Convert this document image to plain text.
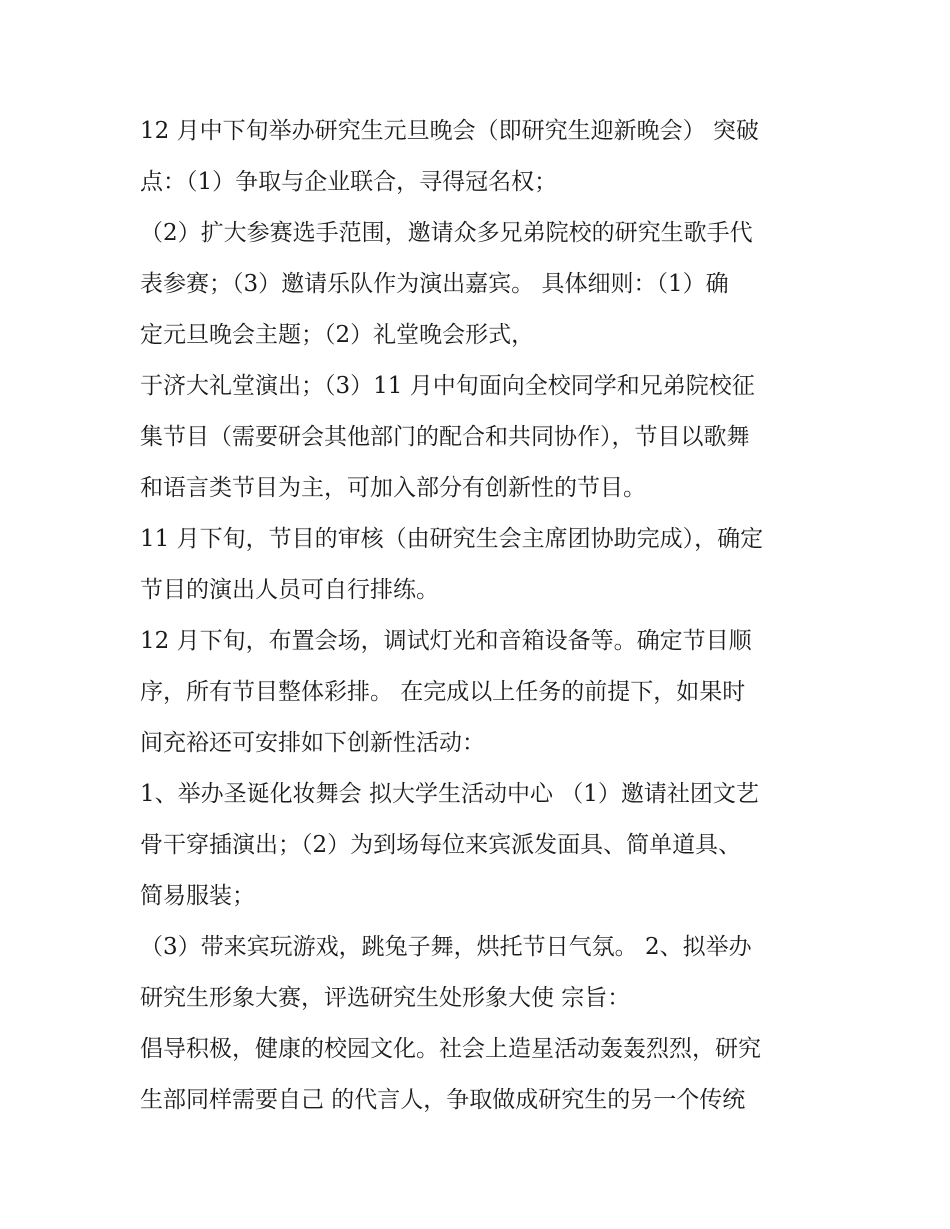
12 月中下旬举办研究生元旦晚会（即研究生迎新晚会） 突破
点：（1）争取与企业联合，寻得冠名权；
（2）扩大参赛选手范围，邀请众多兄弟院校的研究生歌手代
表参赛；（3）邀请乐队作为演出嘉宾。 具体细则：（1）确
定元旦晚会主题；（2）礼堂晚会形式，
于济大礼堂演出；（3）11 月中旬面向全校同学和兄弟院校征
集节目（需要研会其他部门的配合和共同协作），节目以歌舞
和语言类节目为主，可加入部分有创新性的节目。
11 月下旬，节目的审核（由研究生会主席团协助完成），确定
节目的演出人员可自行排练。
12 月下旬，布置会场，调试灯光和音箱设备等。确定节目顺
序，所有节目整体彩排。 在完成以上任务的前提下，如果时
间充裕还可安排如下创新性活动：
1、举办圣诞化妆舞会 拟大学生活动中心 （1）邀请社团文艺
骨干穿插演出；（2）为到场每位来宾派发面具、简单道具、
简易服装；
（3）带来宾玩游戏，跳兔子舞，烘托节日气氛。 2、拟举办
研究生形象大赛，评选研究生处形象大使 宗旨：
倡导积极，健康的校园文化。社会上造星活动轰轰烈烈，研究
生部同样需要自己 的代言人，争取做成研究生的另一个传统
